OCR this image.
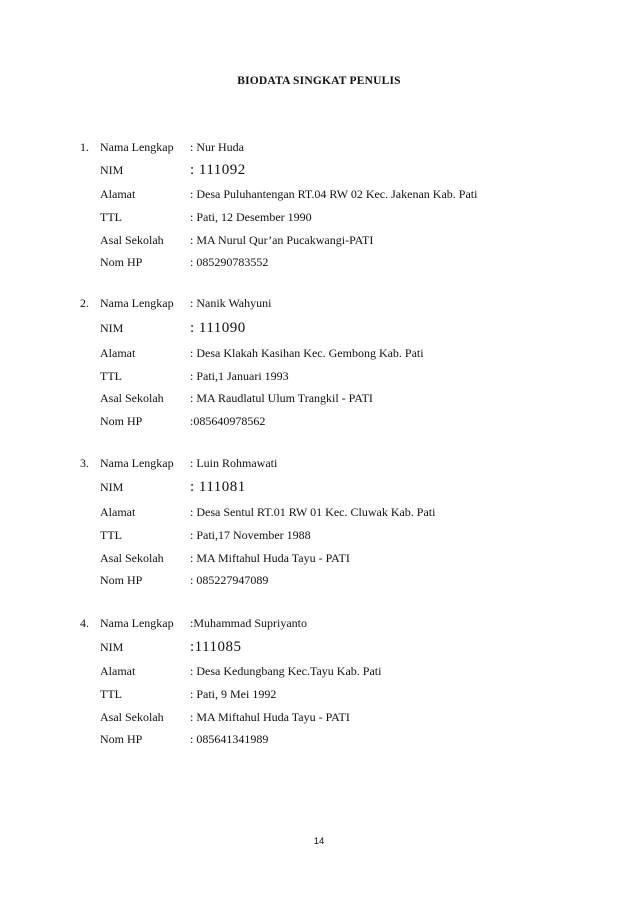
BIODATA SINGKAT PENULIS
1. Nama Lengkap : Nur Huda
NIM	: 111092
Alamat	: Desa Puluhantengan RT.04 RW 02 Kec. Jakenan Kab. Pati
TTL	: Pati, 12 Desember 1990
Asal Sekolah : MA Nurul Qur’an Pucakwangi-PATI
Nom HP	: 085290783552
2. Nama Lengkap : Nanik Wahyuni
NIM	: 111090
Alamat	: Desa Klakah Kasihan Kec. Gembong Kab. Pati
TTL	: Pati,1 Januari 1993
Asal Sekolah : MA Raudlatul Ulum Trangkil - PATI
Nom HP	:085640978562
3. Nama Lengkap : Luin Rohmawati
NIM	: 111081
Alamat	: Desa Sentul RT.01 RW 01 Kec. Cluwak Kab. Pati
TTL	: Pati,17 November 1988
Asal Sekolah : MA Miftahul Huda Tayu - PATI
Nom HP	: 085227947089
4. Nama Lengkap :Muhammad Supriyanto
NIM	:111085
Alamat	: Desa Kedungbang Kec.Tayu Kab. Pati
TTL	: Pati, 9 Mei 1992
Asal Sekolah : MA Miftahul Huda Tayu - PATI
Nom HP	: 085641341989
14
